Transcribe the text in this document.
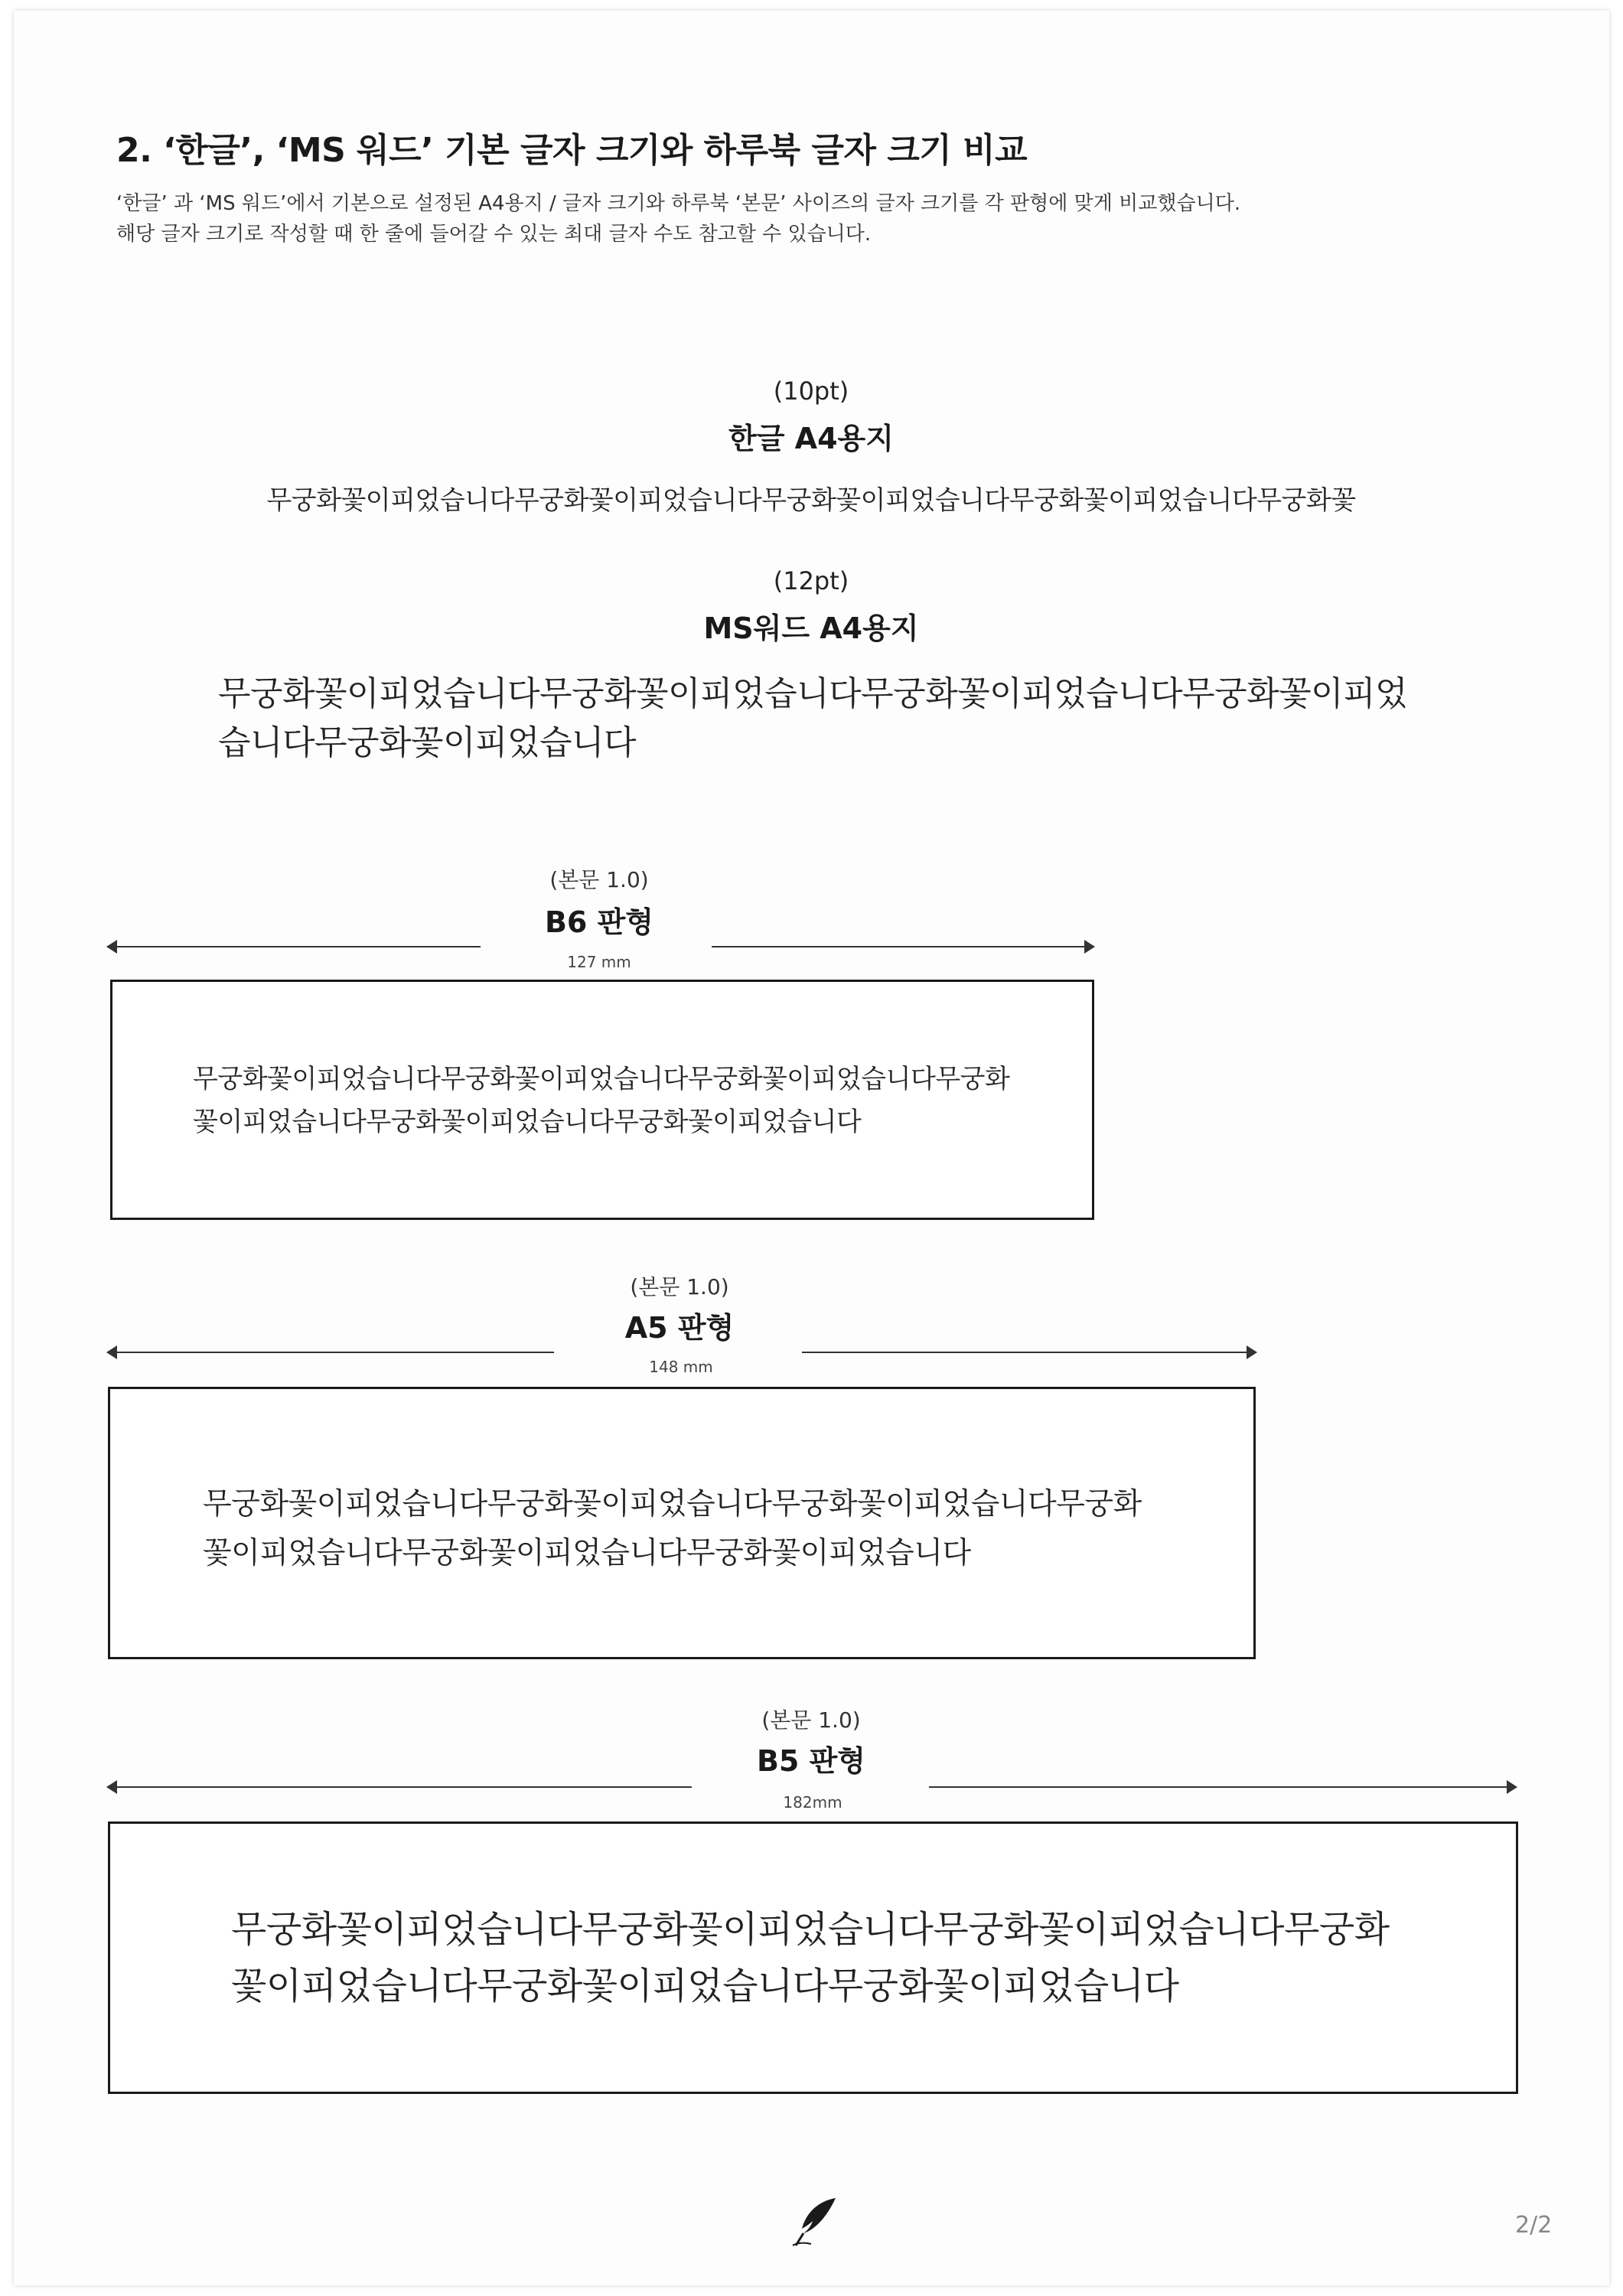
2. ‘한글’, ‘MS 워드’ 기본 글자 크기와 하루북 글자 크기 비교
‘한글’ 과 ‘MS 워드’에서 기본으로 설정된 A4용지 / 글자 크기와 하루북 ‘본문’ 사이즈의 글자 크기를 각 판형에 맞게 비교했습니다.
해당 글자 크기로 작성할 때 한 줄에 들어갈 수 있는 최대 글자 수도 참고할 수 있습니다.
(10pt)
한글 A4용지
무궁화꽃이피었습니다무궁화꽃이피었습니다무궁화꽃이피었습니다무궁화꽃이피었습니다무궁화꽃
(12pt)
MS워드 A4용지
무궁화꽃이피었습니다무궁화꽃이피었습니다무궁화꽃이피었습니다무궁화꽃이피었
습니다무궁화꽃이피었습니다
(본문 1.0)
B6 판형
127 mm
무궁화꽃이피었습니다무궁화꽃이피었습니다무궁화꽃이피었습니다무궁화
꽃이피었습니다무궁화꽃이피었습니다무궁화꽃이피었습니다
(본문 1.0)
A5 판형
148 mm
무궁화꽃이피었습니다무궁화꽃이피었습니다무궁화꽃이피었습니다무궁화
꽃이피었습니다무궁화꽃이피었습니다무궁화꽃이피었습니다
(본문 1.0)
B5 판형
182mm
무궁화꽃이피었습니다무궁화꽃이피었습니다무궁화꽃이피었습니다무궁화
꽃이피었습니다무궁화꽃이피었습니다무궁화꽃이피었습니다
2/2
